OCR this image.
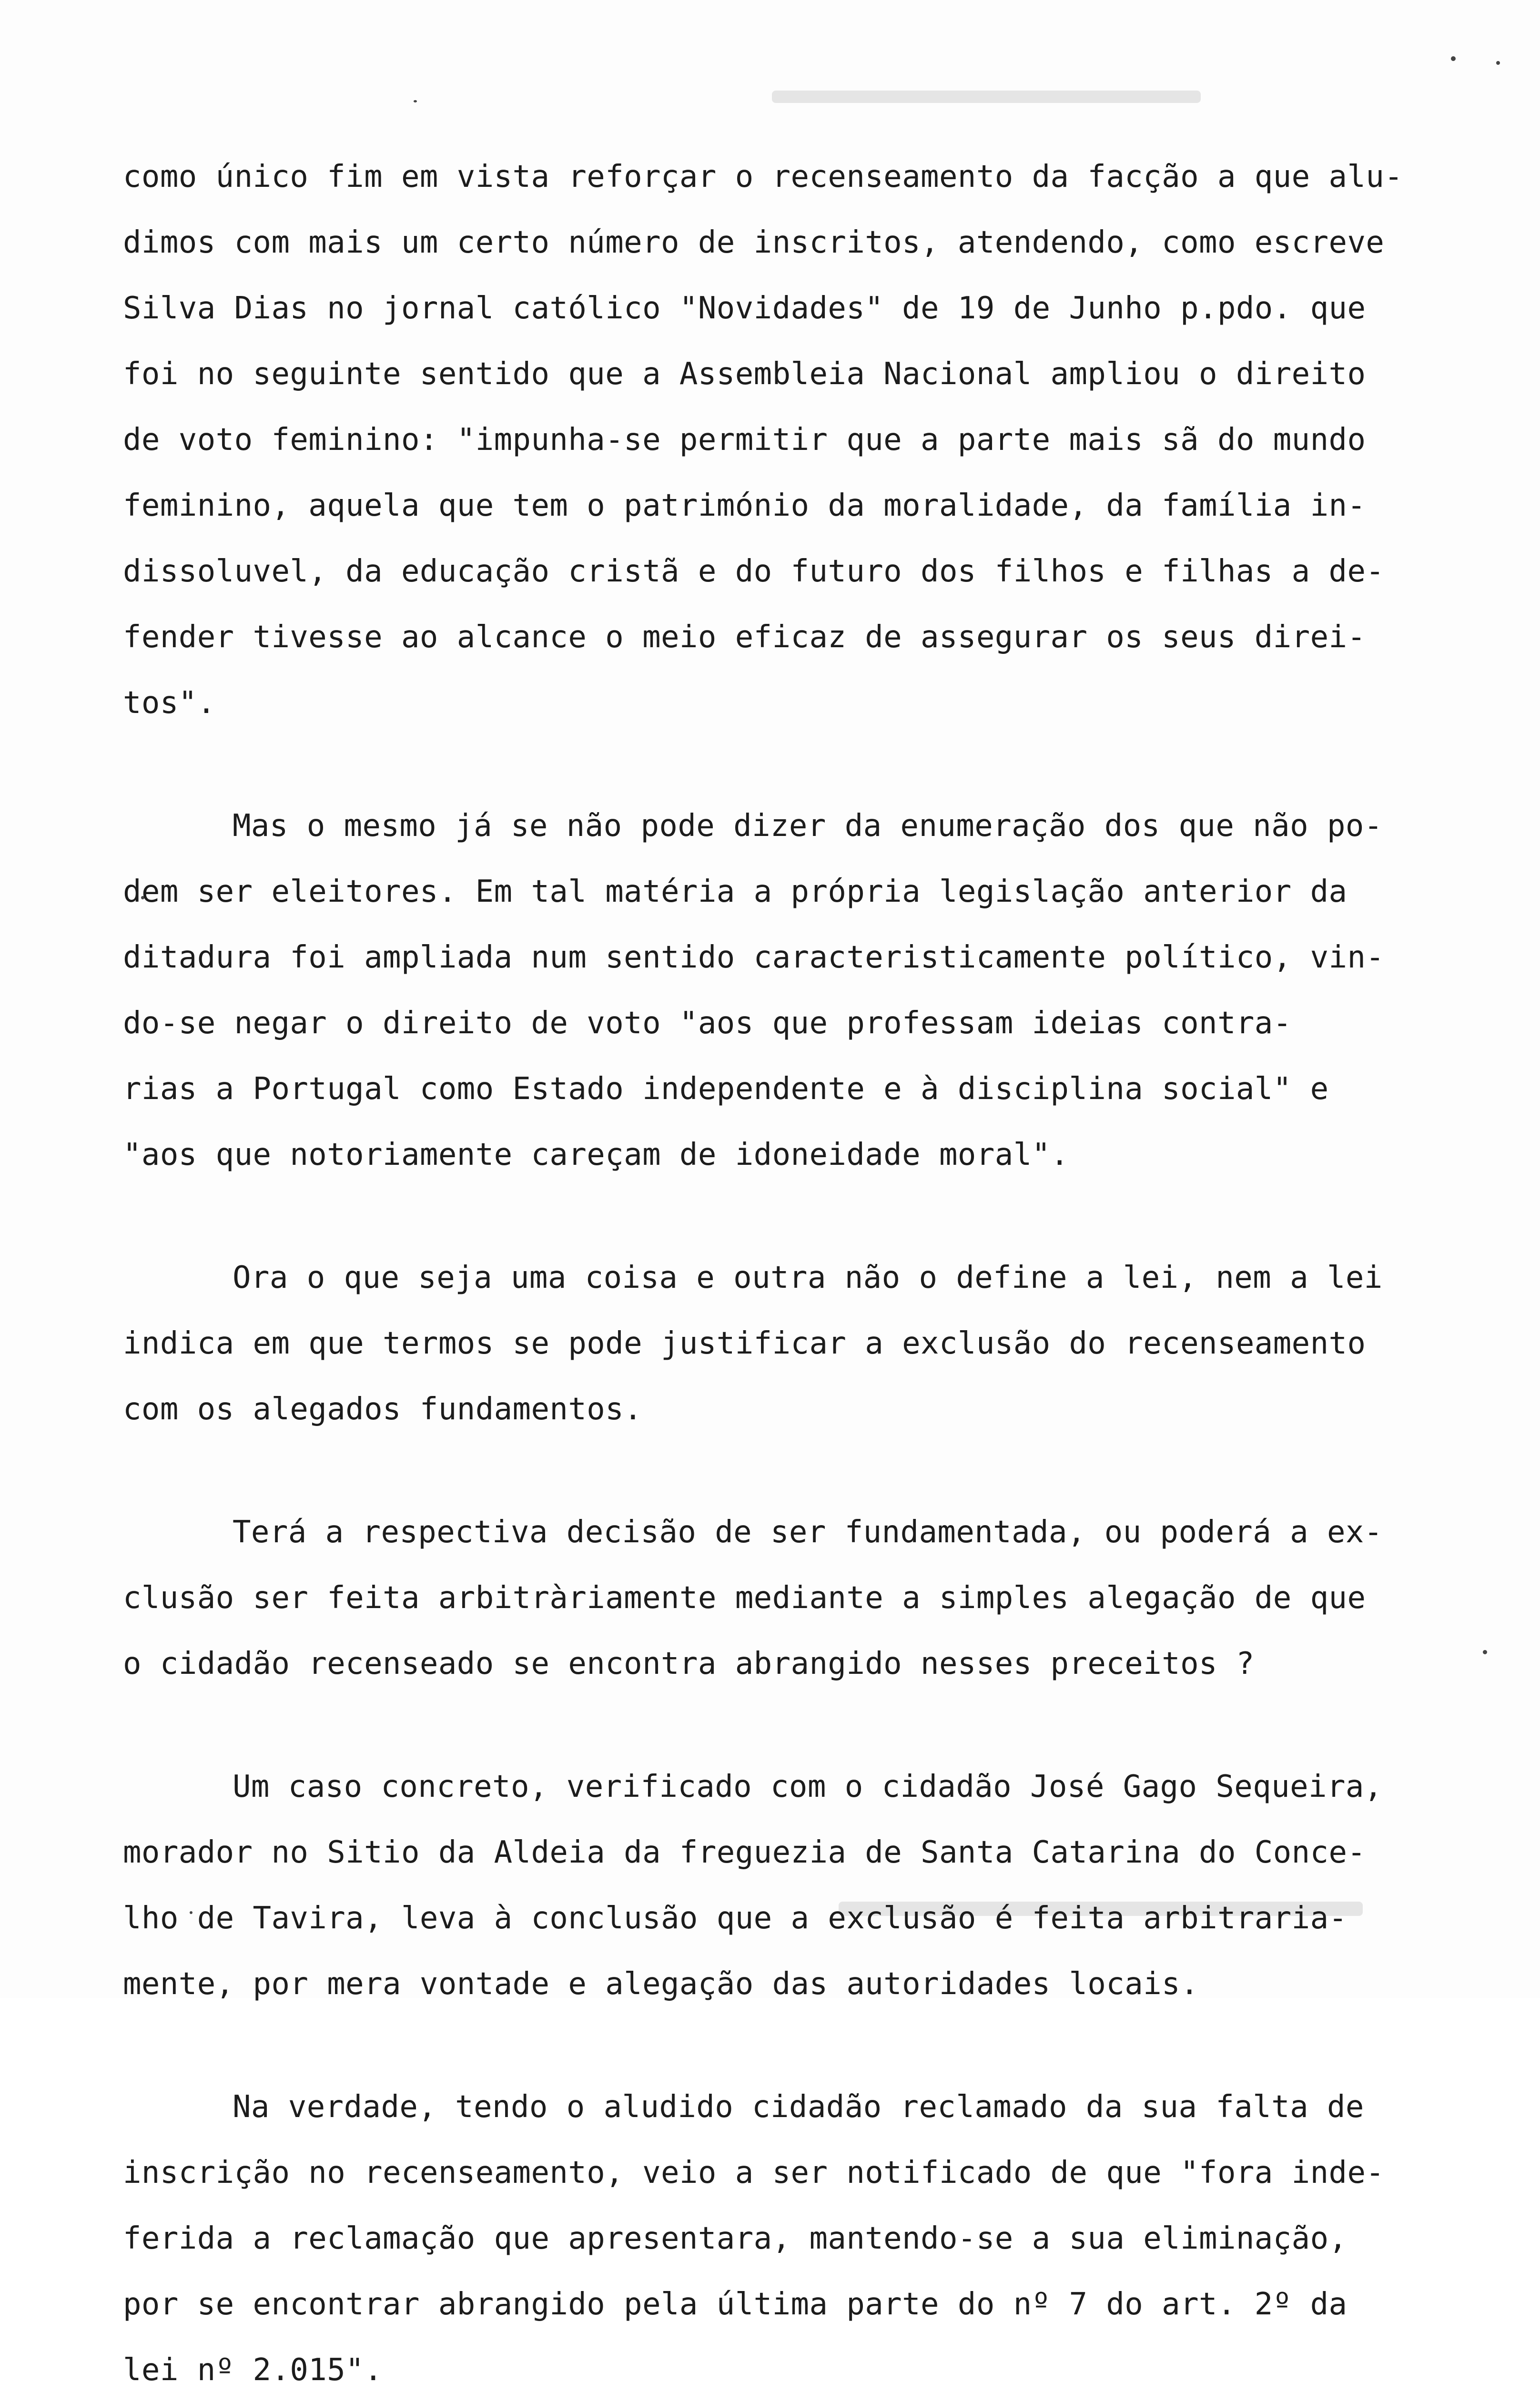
como único fim em vista reforçar o recenseamento da facção a que alu-

dimos com mais um certo número de inscritos, atendendo, como escreve

Silva Dias no jornal católico "Novidades" de 19 de Junho p.pdo. que

foi no seguinte sentido que a Assembleia Nacional ampliou o direito

de voto feminino: "impunha-se permitir que a parte mais sã do mundo

feminino, aquela que tem o património da moralidade, da família in-

dissoluvel, da educação cristã e do futuro dos filhos e filhas a de-

fender tivesse ao alcance o meio eficaz de assegurar os seus direi-

tos".

Mas o mesmo já se não pode dizer da enumeração dos que não po-

dem ser eleitores. Em tal matéria a própria legislação anterior da

ditadura foi ampliada num sentido caracteristicamente político, vin-

do-se negar o direito de voto "aos que professam ideias contra-

rias a Portugal como Estado independente e à disciplina social" e

"aos que notoriamente careçam de idoneidade moral".

Ora o que seja uma coisa e outra não o define a lei, nem a lei

indica em que termos se pode justificar a exclusão do recenseamento

com os alegados fundamentos.

Terá a respectiva decisão de ser fundamentada, ou poderá a ex-

clusão ser feita arbitràriamente mediante a simples alegação de que

o cidadão recenseado se encontra abrangido nesses preceitos ?

Um caso concreto, verificado com o cidadão José Gago Sequeira,

morador no Sitio da Aldeia da freguezia de Santa Catarina do Conce-

lho de Tavira, leva à conclusão que a exclusão é feita arbitraria-

mente, por mera vontade e alegação das autoridades locais.

Na verdade, tendo o aludido cidadão reclamado da sua falta de

inscrição no recenseamento, veio a ser notificado de que "fora inde-

ferida a reclamação que apresentara, mantendo-se a sua eliminação,

por se encontrar abrangido pela última parte do nº 7 do art. 2º da

lei nº 2.015".
